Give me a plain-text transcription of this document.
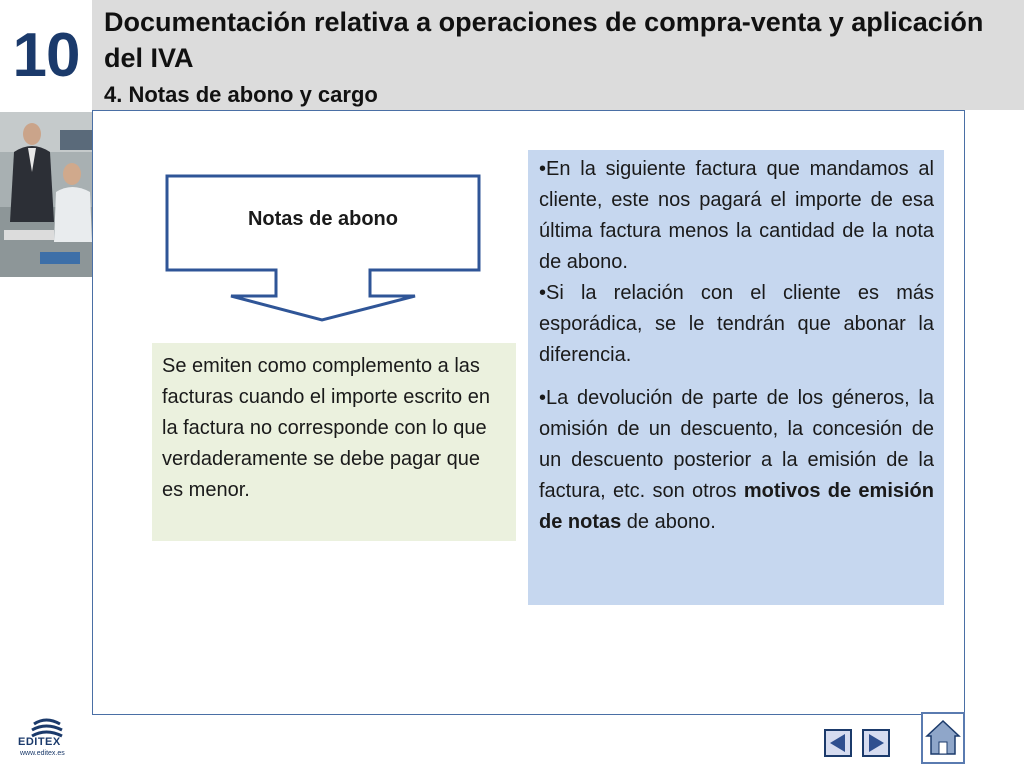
10 Documentación relativa a operaciones de compra-venta y aplicación del IVA
4. Notas de abono y cargo
Notas de abono
Se emiten como complemento a las facturas cuando el importe escrito en la factura no corresponde con lo que verdaderamente se debe pagar que es menor.

•En la siguiente factura que mandamos al cliente, este nos pagará el importe de esa última factura menos la cantidad de la nota de abono.

•Si la relación con el cliente es más esporádica, se le tendrán que abonar la diferencia.

•La devolución de parte de los géneros, la omisión de un descuento, la concesión de un descuento posterior a la emisión de la factura, etc. son otros motivos de emisión de notas de abono.

EDITEX
www.editex.es
